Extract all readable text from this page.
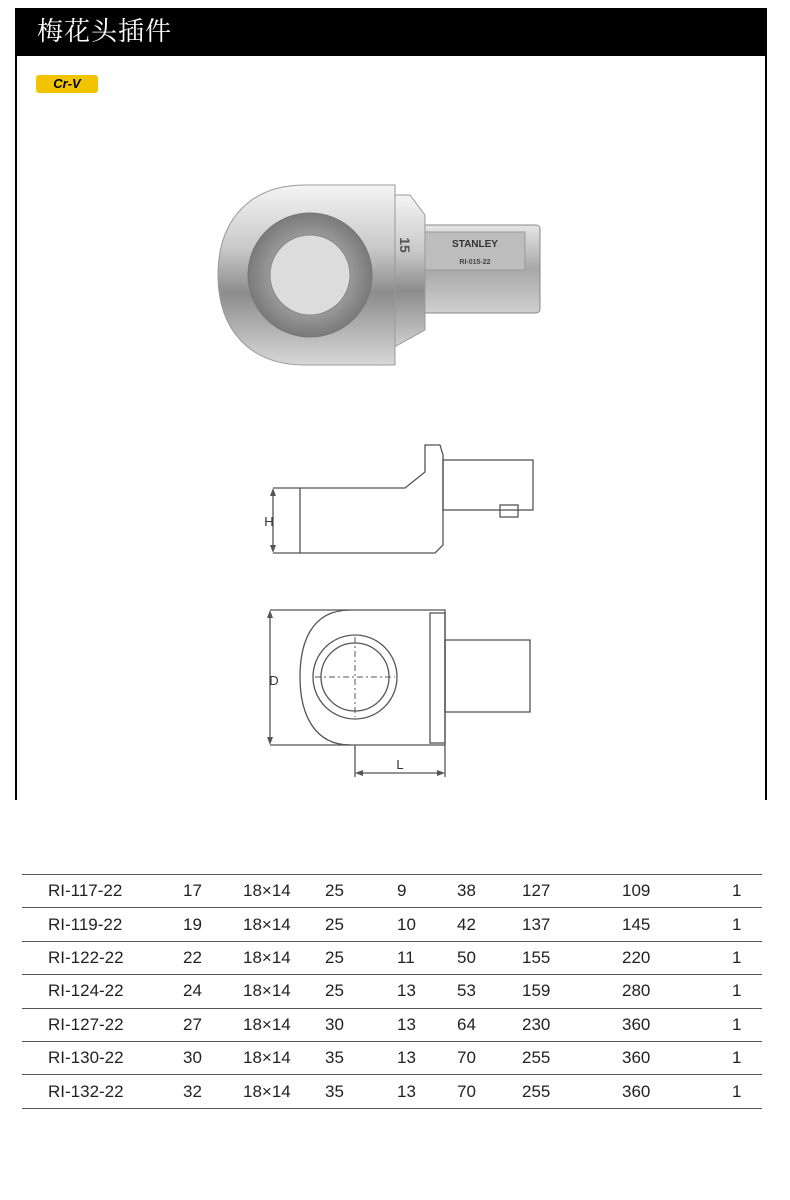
梅花头插件
Cr-V
STANLEY
RI-015-22
15
H
D
L
RI-117-22	17	18×14	25	9	38	127	109	1
RI-119-22	19	18×14	25	10	42	137	145	1
RI-122-22	22	18×14	25	11	50	155	220	1
RI-124-22	24	18×14	25	13	53	159	280	1
RI-127-22	27	18×14	30	13	64	230	360	1
RI-130-22	30	18×14	35	13	70	255	360	1
RI-132-22	32	18×14	35	13	70	255	360	1
